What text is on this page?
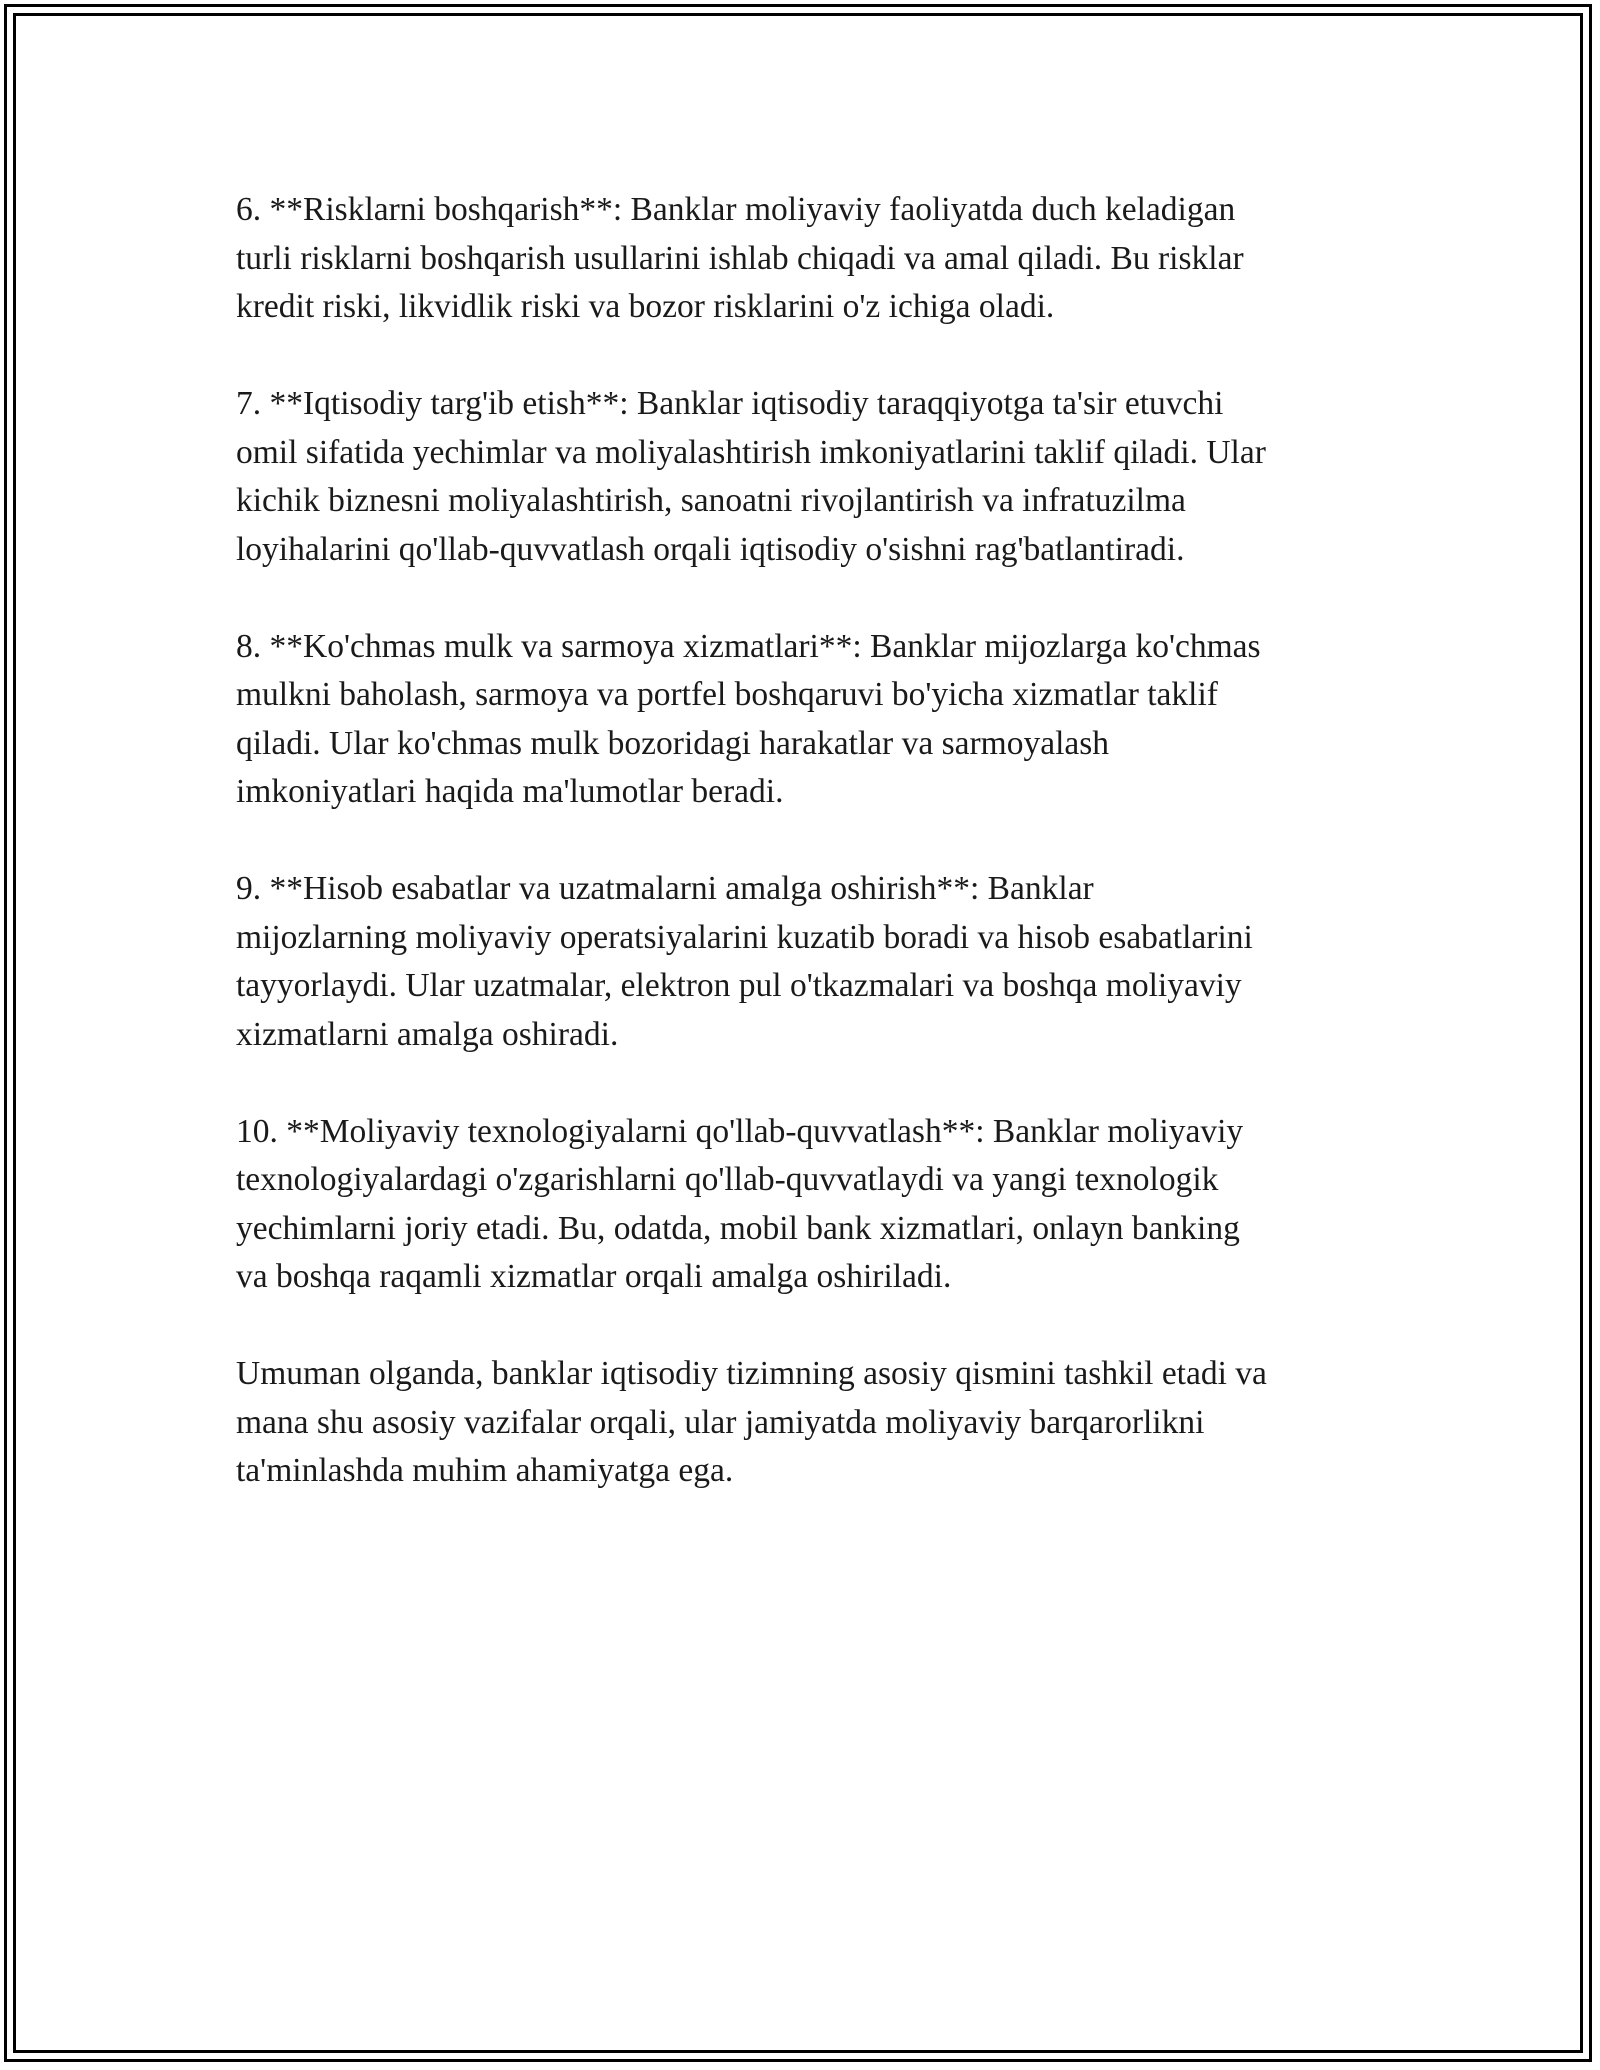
6. **Risklarni boshqarish**: Banklar moliyaviy faoliyatda duch keladigan
turli risklarni boshqarish usullarini ishlab chiqadi va amal qiladi. Bu risklar
kredit riski, likvidlik riski va bozor risklarini o'z ichiga oladi.

7. **Iqtisodiy targ'ib etish**: Banklar iqtisodiy taraqqiyotga ta'sir etuvchi
omil sifatida yechimlar va moliyalashtirish imkoniyatlarini taklif qiladi. Ular
kichik biznesni moliyalashtirish, sanoatni rivojlantirish va infratuzilma
loyihalarini qo'llab-quvvatlash orqali iqtisodiy o'sishni rag'batlantiradi.

8. **Ko'chmas mulk va sarmoya xizmatlari**: Banklar mijozlarga ko'chmas
mulkni baholash, sarmoya va portfel boshqaruvi bo'yicha xizmatlar taklif
qiladi. Ular ko'chmas mulk bozoridagi harakatlar va sarmoyalash
imkoniyatlari haqida ma'lumotlar beradi.

9. **Hisob esabatlar va uzatmalarni amalga oshirish**: Banklar
mijozlarning moliyaviy operatsiyalarini kuzatib boradi va hisob esabatlarini
tayyorlaydi. Ular uzatmalar, elektron pul o'tkazmalari va boshqa moliyaviy
xizmatlarni amalga oshiradi.

10. **Moliyaviy texnologiyalarni qo'llab-quvvatlash**: Banklar moliyaviy
texnologiyalardagi o'zgarishlarni qo'llab-quvvatlaydi va yangi texnologik
yechimlarni joriy etadi. Bu, odatda, mobil bank xizmatlari, onlayn banking
va boshqa raqamli xizmatlar orqali amalga oshiriladi.

Umuman olganda, banklar iqtisodiy tizimning asosiy qismini tashkil etadi va
mana shu asosiy vazifalar orqali, ular jamiyatda moliyaviy barqarorlikni
ta'minlashda muhim ahamiyatga ega.
